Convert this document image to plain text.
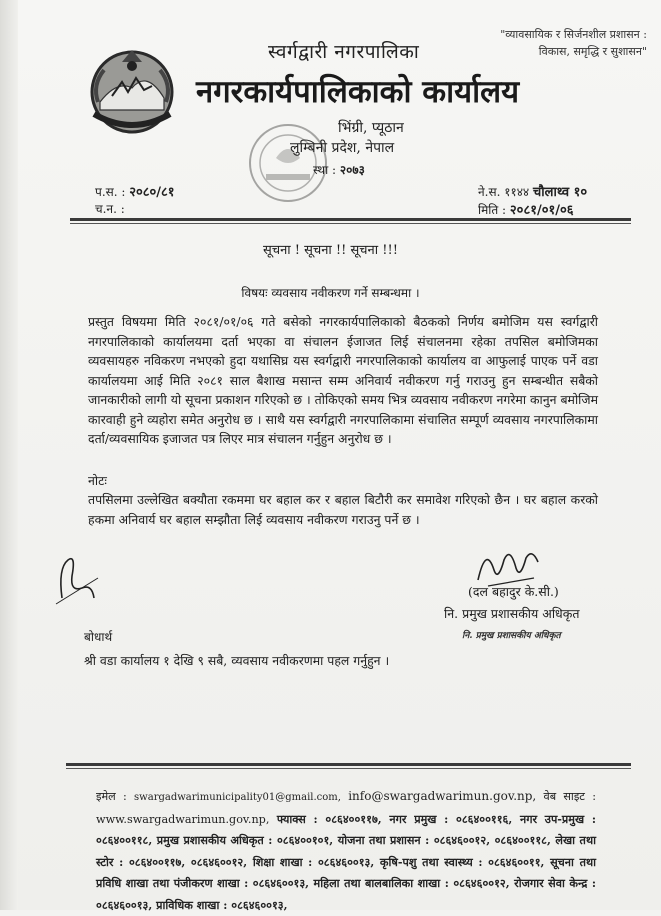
"व्यावसायिक र सिर्जनशील प्रशासन :
विकास, समृद्धि र सुशासन"
स्वर्गद्वारी नगरपालिका
नगरकार्यपालिकाको कार्यालय
भिंग्री, प्यूठान
लुम्बिनी प्रदेश, नेपाल
स्था : २०७३
प.स. : २०८०/८१
च.न. :
ने.स. ११४४ चौलाथ्व १०
मिति : २०८१/०१/०६
सूचना ! सूचना !! सूचना !!!
विषयः व्यवसाय नवीकरण गर्ने सम्बन्धमा ।
प्रस्तुत विषयमा मिति २०८१/०१/०६ गते बसेको नगरकार्यपालिकाको बैठकको निर्णय बमोजिम यस स्वर्गद्वारी नगरपालिकाको कार्यालयमा दर्ता भएका वा संचालन ईजाजत लिई संचालनमा रहेका तपसिल बमोजिमका व्यवसायहरु नविकरण नभएको हुदा यथासिघ्र यस स्वर्गद्वारी नगरपालिकाको कार्यालय वा आफुलाई पाएक पर्ने वडा कार्यालयमा आई मिति २०८१ साल बैशाख मसान्त सम्म अनिवार्य नवीकरण गर्नु गराउनु हुन सम्बन्धीत सबैको जानकारीको लागी यो सूचना प्रकाशन गरिएको छ । तोकिएको समय भित्र व्यवसाय नवीकरण नगरेमा कानुन बमोजिम कारवाही हुने व्यहोरा समेत अनुरोध छ । साथै यस स्वर्गद्वारी नगरपालिकामा संचालित सम्पूर्ण व्यवसाय नगरपालिकामा दर्ता/व्यवसायिक इजाजत पत्र लिएर मात्र संचालन गर्नुहुन अनुरोध छ ।
नोटः
तपसिलमा उल्लेखित बक्यौता रकममा घर बहाल कर र बहाल बिटौरी कर समावेश गरिएको छैन । घर बहाल करको हकमा अनिवार्य घर बहाल सम्झौता लिई व्यवसाय नवीकरण गराउनु पर्ने छ ।
(दल बहादुर के.सी.)
नि. प्रमुख प्रशासकीय अधिकृत
नि. प्रमुख प्रशासकीय अधिकृत
बोधार्थ
श्री वडा कार्यालय १ देखि ९ सबै, व्यवसाय नवीकरणमा पहल गर्नुहुन ।
इमेल : swargadwarimunicipality01@gmail.com, info@swargadwarimun.gov.np, वेब साइट : www.swargadwarimun.gov.np, फ्याक्स : ०८६४००११७, नगर प्रमुख : ०८६४००११६, नगर उप-प्रमुख : ०८६४००११८, प्रमुख प्रशासकीय अधिकृत : ०८६४००१०१, योजना तथा प्रशासन : ०८६४६००१२, ०८६४००११८, लेखा तथा स्टोर : ०८६४००११७, ०८६४६००१२, शिक्षा शाखा : ०८६४६००१३, कृषि-पशु तथा स्वास्थ्य : ०८६४६००११, सूचना तथा प्रविधि शाखा तथा पंजीकरण शाखा : ०८६४६००१३, महिला तथा बालबालिका शाखा : ०८६४६००१२, रोजगार सेवा केन्द्र : ०८६४६००१३, प्राविधिक शाखा : ०८६४६००१३,
